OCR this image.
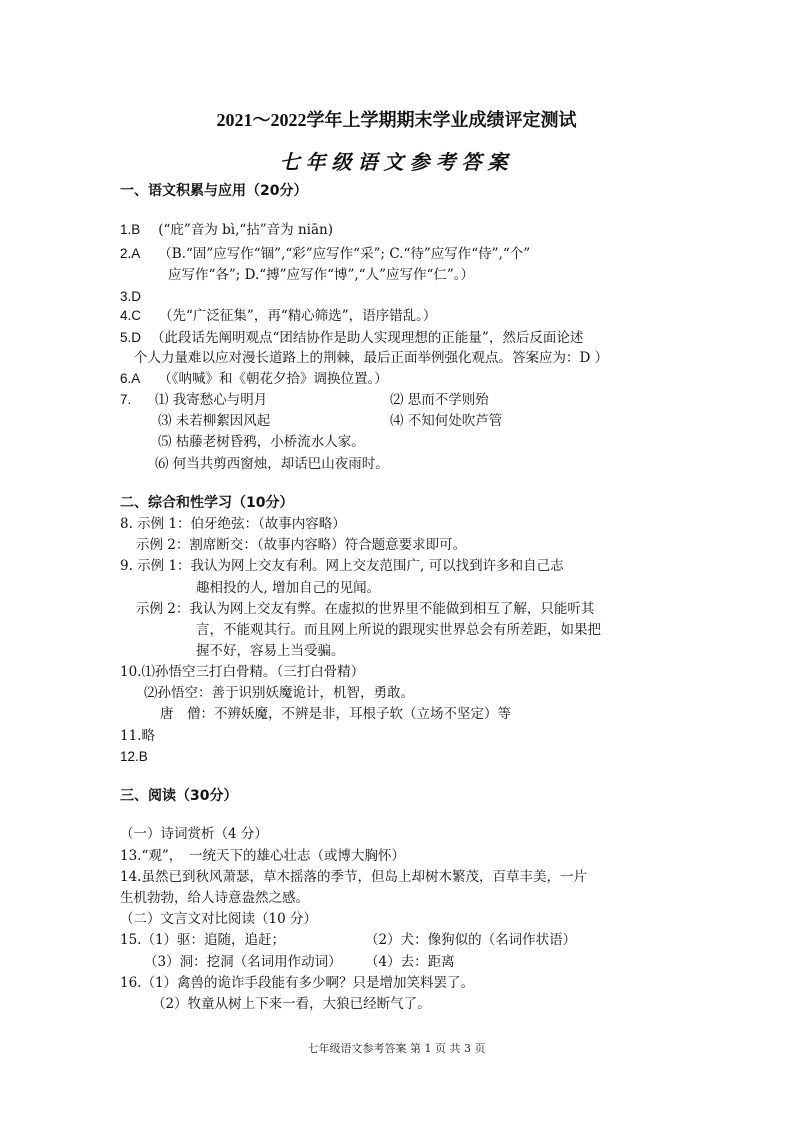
2021～2022学年上学期期末学业成绩评定测试
七年级语文参考答案
一、语文积累与应用（20分）
1.B (“庇”音为 bì,“拈”音为 niān)
2.A （B.“固”应写作“锢”,“彩”应写作“采”; C.“待”应写作“侍”,“个”
应写作“各”; D.“搏”应写作“博”,“人”应写作“仁”。）
3.D
4.C （先“广泛征集”，再“精心筛选”，语序错乱。）
5.D （此段话先阐明观点“团结协作是助人实现理想的正能量”，然后反面论述
个人力量难以应对漫长道路上的荆棘，最后正面举例强化观点。答案应为：D ）
6.A （《呐喊》和《朝花夕拾》调换位置。）
7. ⑴ 我寄愁心与明月	⑵ 思而不学则殆
⑶ 未若柳絮因风起	⑷ 不知何处吹芦管
⑸ 枯藤老树昏鸦，小桥流水人家。
⑹ 何当共剪西窗烛，却话巴山夜雨时。
二、综合和性学习（10分）
8. 示例 1：伯牙绝弦：（故事内容略）
示例 2：割席断交：（故事内容略）符合题意要求即可。
9. 示例 1：我认为网上交友有利。网上交友范围广, 可以找到许多和自己志
趣相投的人, 增加自己的见闻。
示例 2：我认为网上交友有弊。在虚拟的世界里不能做到相互了解，只能听其
言，不能观其行。而且网上所说的跟现实世界总会有所差距，如果把
握不好，容易上当受骗。
10.⑴孙悟空三打白骨精。（三打白骨精）
⑵孙悟空：善于识别妖魔诡计，机智，勇敢。
唐　僧：不辨妖魔，不辨是非，耳根子软（立场不坚定）等
11.略
12.B
三、阅读（30分）
（一）诗词赏析（4 分）
13.“观”，　一统天下的雄心壮志（或博大胸怀）
14.虽然已到秋风萧瑟，草木摇落的季节，但岛上却树木繁茂，百草丰美，一片
生机勃勃，给人诗意盎然之感。
（二）文言文对比阅读（10 分）
15.（1）驱：追随，追赶；	（2）犬：像狗似的（名词作状语）
（3）洞：挖洞（名词用作动词） （4）去：距离
16.（1）禽兽的诡诈手段能有多少啊？只是增加笑料罢了。
（2）牧童从树上下来一看，大狼已经断气了。
七年级语文参考答案 第 1 页 共 3 页
